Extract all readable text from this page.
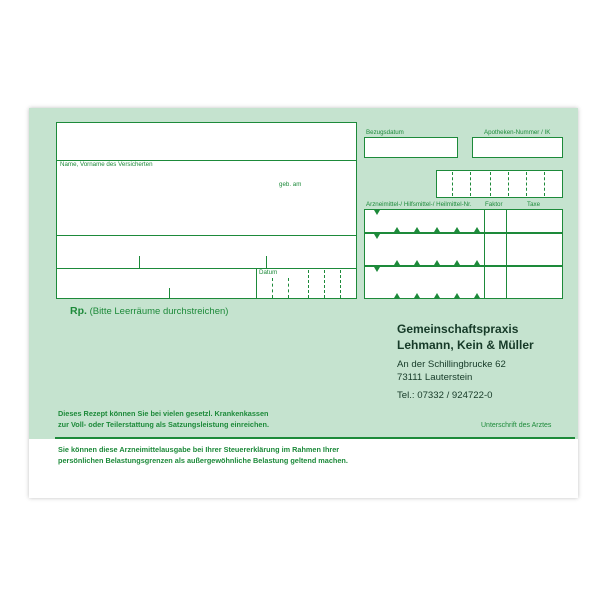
Name, Vorname des Versicherten
geb. am
Datum
Bezugsdatum	Apotheken-Nummer / IK
Arzneimittel-/ Hilfsmittel-/ Heilmittel-Nr. Faktor	Taxe
Rp. (Bitte Leerräume durchstreichen)
Gemeinschaftspraxis
Lehmann, Kein & Müller
An der Schillingbrucke 62
73111 Lauterstein
Tel.: 07332 / 924722-0
Dieses Rezept können Sie bei vielen gesetzl. Krankenkassen
zur Voll- oder Teilerstattung als Satzungsleistung einreichen.	Unterschrift des Arztes
Sie können diese Arzneimittelausgabe bei Ihrer Steuererklärung im Rahmen Ihrer
persönlichen Belastungsgrenzen als außergewöhnliche Belastung geltend machen.
